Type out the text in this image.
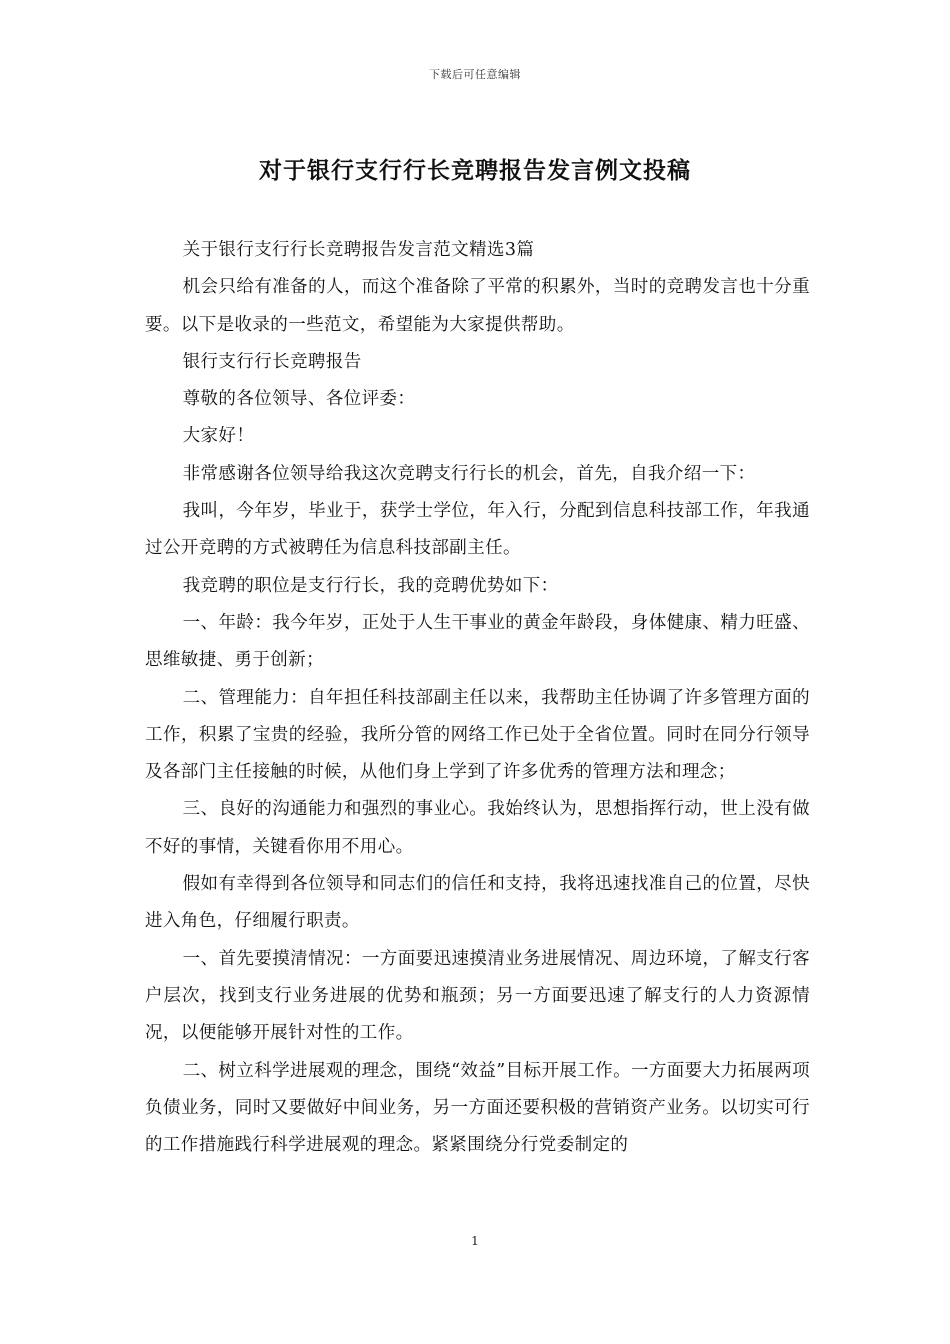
下载后可任意编辑
对于银行支行行长竞聘报告发言例文投稿

关于银行支行行长竞聘报告发言范文精选3篇

机会只给有准备的人，而这个准备除了平常的积累外，当时的竞聘发言也十分重要。以下是收录的一些范文，希望能为大家提供帮助。

银行支行行长竞聘报告

尊敬的各位领导、各位评委：

大家好！

非常感谢各位领导给我这次竞聘支行行长的机会，首先，自我介绍一下：

我叫，今年岁，毕业于，获学士学位，年入行，分配到信息科技部工作，年我通过公开竞聘的方式被聘任为信息科技部副主任。

我竞聘的职位是支行行长，我的竞聘优势如下：

一、年龄：我今年岁，正处于人生干事业的黄金年龄段，身体健康、精力旺盛、思维敏捷、勇于创新；

二、管理能力：自年担任科技部副主任以来，我帮助主任协调了许多管理方面的工作，积累了宝贵的经验，我所分管的网络工作已处于全省位置。同时在同分行领导及各部门主任接触的时候，从他们身上学到了许多优秀的管理方法和理念；

三、良好的沟通能力和强烈的事业心。我始终认为，思想指挥行动，世上没有做不好的事情，关键看你用不用心。

假如有幸得到各位领导和同志们的信任和支持，我将迅速找准自己的位置，尽快进入角色，仔细履行职责。

一、首先要摸清情况：一方面要迅速摸清业务进展情况、周边环境，了解支行客户层次，找到支行业务进展的优势和瓶颈；另一方面要迅速了解支行的人力资源情况，以便能够开展针对性的工作。

二、树立科学进展观的理念，围绕“效益”目标开展工作。一方面要大力拓展两项负债业务，同时又要做好中间业务，另一方面还要积极的营销资产业务。以切实可行的工作措施践行科学进展观的理念。紧紧围绕分行党委制定的

1
